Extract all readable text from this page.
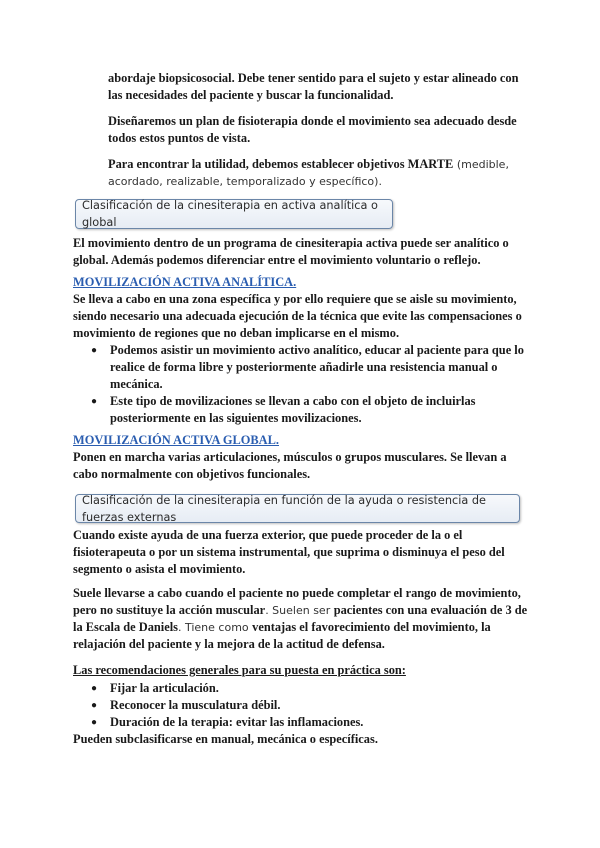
abordaje biopsicosocial. Debe tener sentido para el sujeto y estar alineado con las necesidades del paciente y buscar la funcionalidad.

Diseñaremos un plan de fisioterapia donde el movimiento sea adecuado desde todos estos puntos de vista.

Para encontrar la utilidad, debemos establecer objetivos MARTE (medible, acordado, realizable, temporalizado y específico).

Clasificación de la cinesiterapia en activa analítica o global

El movimiento dentro de un programa de cinesiterapia activa puede ser analítico o global. Además podemos diferenciar entre el movimiento voluntario o reflejo.

MOVILIZACIÓN ACTIVA ANALÍTICA.

Se lleva a cabo en una zona específica y por ello requiere que se aisle su movimiento, siendo necesario una adecuada ejecución de la técnica que evite las compensaciones o movimiento de regiones que no deban implicarse en el mismo.

● Podemos asistir un movimiento activo analítico, educar al paciente para que lo realice de forma libre y posteriormente añadirle una resistencia manual o mecánica.
● Este tipo de movilizaciones se llevan a cabo con el objeto de incluirlas posteriormente en las siguientes movilizaciones.

MOVILIZACIÓN ACTIVA GLOBAL.

Ponen en marcha varias articulaciones, músculos o grupos musculares. Se llevan a cabo normalmente con objetivos funcionales.

Clasificación de la cinesiterapia en función de la ayuda o resistencia de fuerzas externas

Cuando existe ayuda de una fuerza exterior, que puede proceder de la o el fisioterapeuta o por un sistema instrumental, que suprima o disminuya el peso del segmento o asista el movimiento.

Suele llevarse a cabo cuando el paciente no puede completar el rango de movimiento, pero no sustituye la acción muscular. Suelen ser pacientes con una evaluación de 3 de la Escala de Daniels. Tiene como ventajas el favorecimiento del movimiento, la relajación del paciente y la mejora de la actitud de defensa.

Las recomendaciones generales para su puesta en práctica son:

● Fijar la articulación.
● Reconocer la musculatura débil.
● Duración de la terapia: evitar las inflamaciones.

Pueden subclasificarse en manual, mecánica o específicas.
